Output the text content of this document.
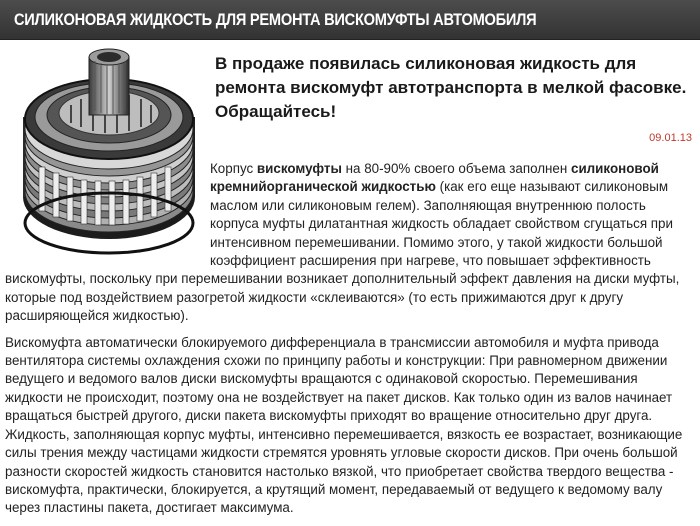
СИЛИКОНОВАЯ ЖИДКОСТЬ ДЛЯ РЕМОНТА ВИСКОМУФТЫ АВТОМОБИЛЯ

В продаже появилась силиконовая жидкость для ремонта вискомуфт автотранспорта в мелкой фасовке. Обращайтесь!

09.01.13

Корпус вискомуфты на 80-90% своего объема заполнен силиконовой кремнийорганической жидкостью (как его еще называют силиконовым маслом или силиконовым гелем). Заполняющая внутреннюю полость корпуса муфты дилатантная жидкость обладает свойством сгущаться при интенсивном перемешивании. Помимо этого, у такой жидкости большой коэффициент расширения при нагреве, что повышает эффективность вискомуфты, поскольку при перемешивании возникает дополнительный эффект давления на диски муфты, которые под воздействием разогретой жидкости «склеиваются» (то есть прижимаются друг к другу расширяющейся жидкостью).

Вискомуфта автоматически блокируемого дифференциала в трансмиссии автомобиля и муфта привода вентилятора системы охлаждения схожи по принципу работы и конструкции: При равномерном движении ведущего и ведомого валов диски вискомуфты вращаются с одинаковой скоростью. Перемешивания жидкости не происходит, поэтому она не воздействует на пакет дисков. Как только один из валов начинает вращаться быстрей другого, диски пакета вискомуфты приходят во вращение относительно друг друга. Жидкость, заполняющая корпус муфты, интенсивно перемешивается, вязкость ее возрастает, возникающие силы трения между частицами жидкости стремятся уровнять угловые скорости дисков. При очень большой разности скоростей жидкость становится настолько вязкой, что приобретает свойства твердого вещества - вискомуфта, практически, блокируется, а крутящий момент, передаваемый от ведущего к ведомому валу через пластины пакета, достигает максимума.
